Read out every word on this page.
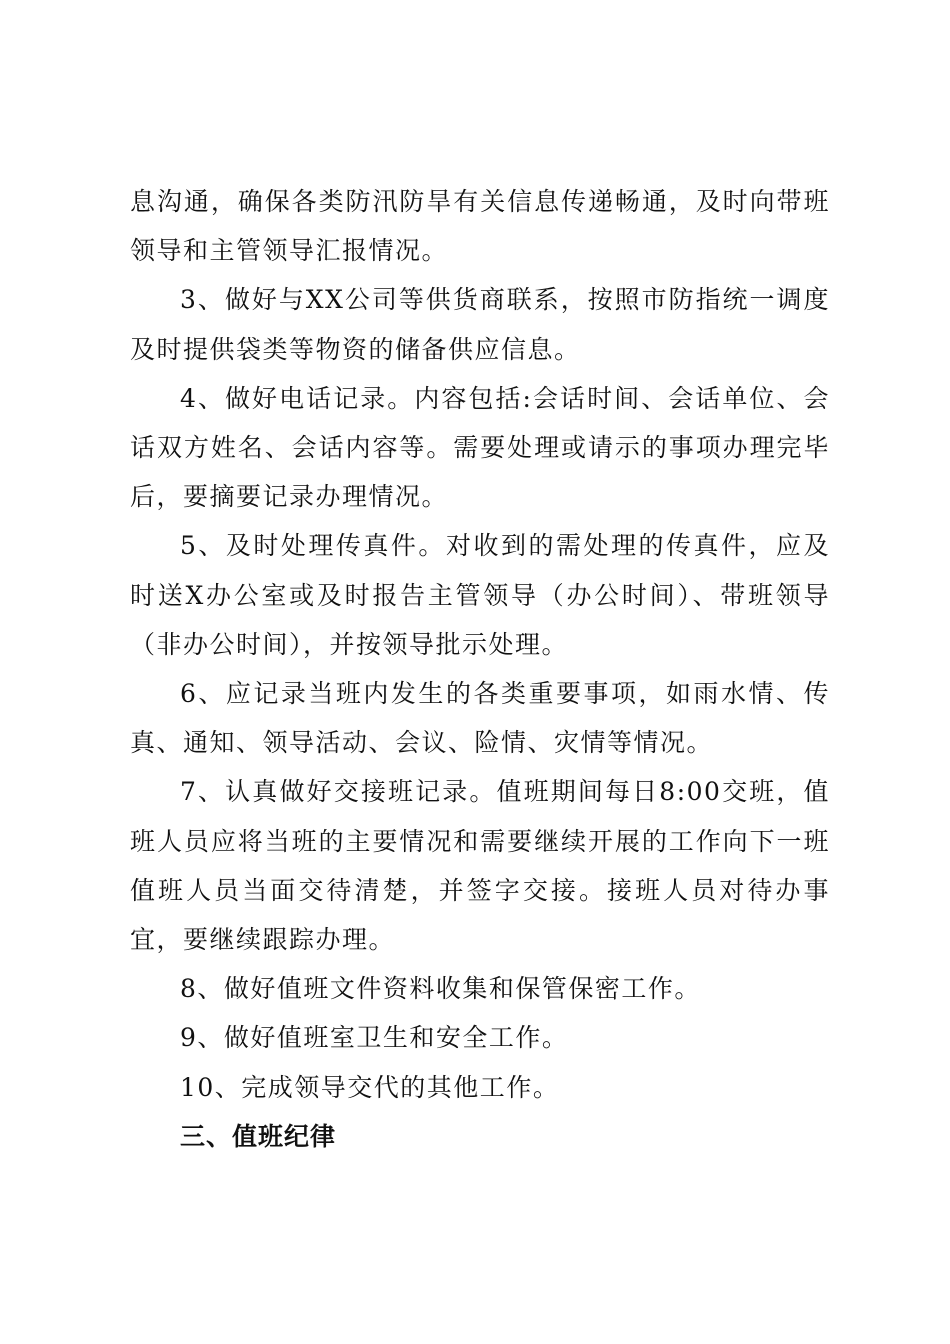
息沟通，确保各类防汛防旱有关信息传递畅通，及时向带班领导和主管领导汇报情况。

3、做好与XX公司等供货商联系，按照市防指统一调度及时提供袋类等物资的储备供应信息。

4、做好电话记录。内容包括:会话时间、会话单位、会话双方姓名、会话内容等。需要处理或请示的事项办理完毕后，要摘要记录办理情况。

5、及时处理传真件。对收到的需处理的传真件，应及时送X办公室或及时报告主管领导（办公时间）、带班领导（非办公时间），并按领导批示处理。

6、应记录当班内发生的各类重要事项，如雨水情、传真、通知、领导活动、会议、险情、灾情等情况。

7、认真做好交接班记录。值班期间每日8:00交班，值班人员应将当班的主要情况和需要继续开展的工作向下一班值班人员当面交待清楚，并签字交接。接班人员对待办事宜，要继续跟踪办理。

8、做好值班文件资料收集和保管保密工作。

9、做好值班室卫生和安全工作。

10、完成领导交代的其他工作。

三、值班纪律
